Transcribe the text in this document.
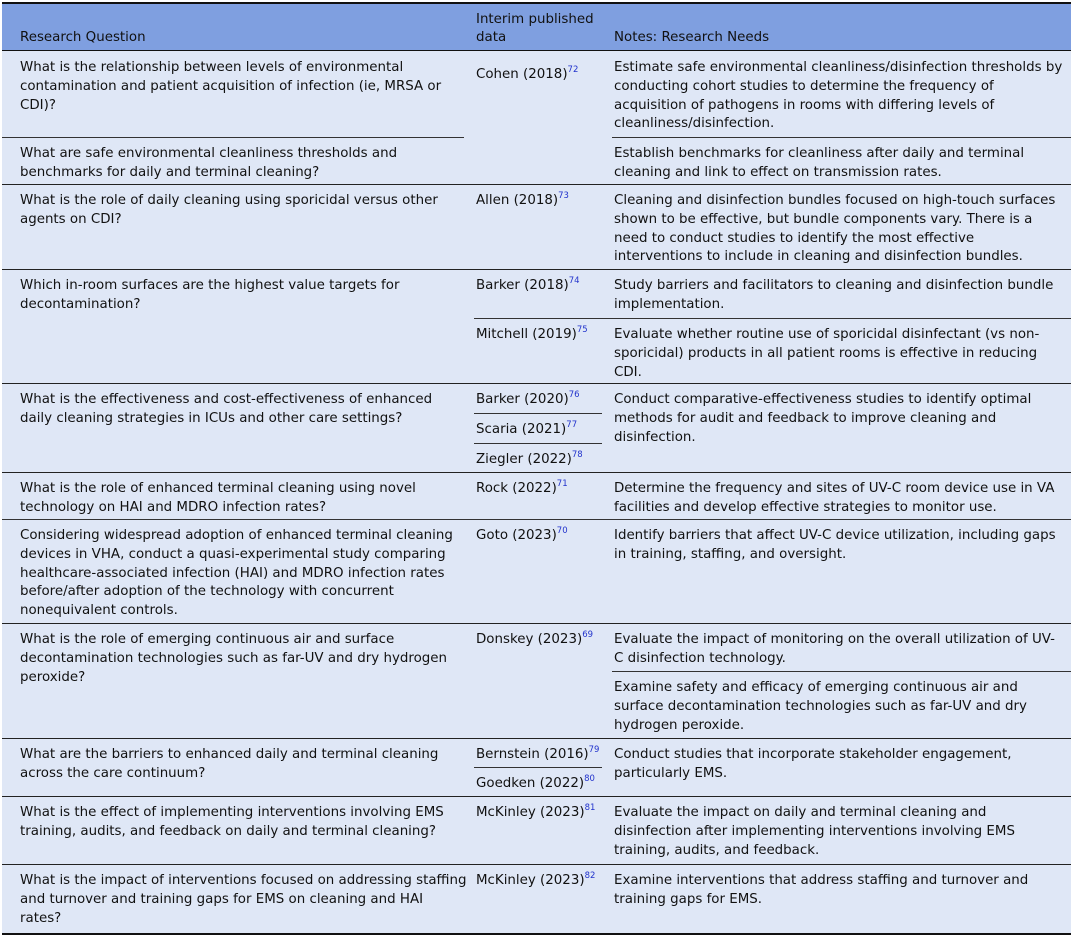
Research Question
Interim published data	Notes: Research Needs
What is the relationship between levels of environmental contamination and patient acquisition of infection (ie, MRSA or CDI)?
What are safe environmental cleanliness thresholds and benchmarks for daily and terminal cleaning?
What is the role of daily cleaning using sporicidal versus other agents on CDI?
Which in-room surfaces are the highest value targets for decontamination?
What is the effectiveness and cost-effectiveness of enhanced daily cleaning strategies in ICUs and other care settings?
What is the role of enhanced terminal cleaning using novel technology on HAI and MDRO infection rates?
Considering widespread adoption of enhanced terminal cleaning devices in VHA, conduct a quasi-experimental study comparing healthcare-associated infection (HAI) and MDRO infection rates before/after adoption of the technology with concurrent nonequivalent controls.
What is the role of emerging continuous air and surface decontamination technologies such as far-UV and dry hydrogen peroxide?
What are the barriers to enhanced daily and terminal cleaning across the care continuum?
What is the effect of implementing interventions involving EMS training, audits, and feedback on daily and terminal cleaning?
What is the impact of interventions focused on addressing staffing and turnover and training gaps for EMS on cleaning and HAI rates?
Cohen $(2018)^{72}$
Allen $(2018)^{73}$
Barker $(2018)^{74}$
Mitchell $(2019)^{75}$
Barker $(2020)^{76}$
Scaria $(2021)^{77}$
Ziegler $(2022)^{78}$
Rock $(2022)^{71}$
Goto $(2023)^{70}$
Donskey $(2023)^{69}$
Bernstein $(2016)^{79}$
Goedken $(2022)^{80}$
McKinley $(2023)^{81}$
McKinley $(2023)^{82}$
Estimate safe environmental cleanliness/disinfection thresholds by conducting cohort studies to determine the frequency of acquisition of pathogens in rooms with differing levels of cleanliness/disinfection.
Establish benchmarks for cleanliness after daily and terminal cleaning and link to effect on transmission rates.
Cleaning and disinfection bundles focused on high-touch surfaces shown to be effective, but bundle components vary. There is a need to conduct studies to identify the most effective interventions to include in cleaning and disinfection bundles.
Study barriers and facilitators to cleaning and disinfection bundle implementation.
Evaluate whether routine use of sporicidal disinfectant (vs non-sporicidal) products in all patient rooms is effective in reducing CDI.
Conduct comparative-effectiveness studies to identify optimal methods for audit and feedback to improve cleaning and disinfection.
Determine the frequency and sites of UV-C room device use in VA facilities and develop effective strategies to monitor use.
Identify barriers that affect UV-C device utilization, including gaps in training, staffing, and oversight.
Evaluate the impact of monitoring on the overall utilization of UV-C disinfection technology.
Examine safety and efficacy of emerging continuous air and surface decontamination technologies such as far-UV and dry hydrogen peroxide.
Conduct studies that incorporate stakeholder engagement, particularly EMS.
Evaluate the impact on daily and terminal cleaning and disinfection after implementing interventions involving EMS training, audits, and feedback.
Examine interventions that address staffing and turnover and training gaps for EMS.
